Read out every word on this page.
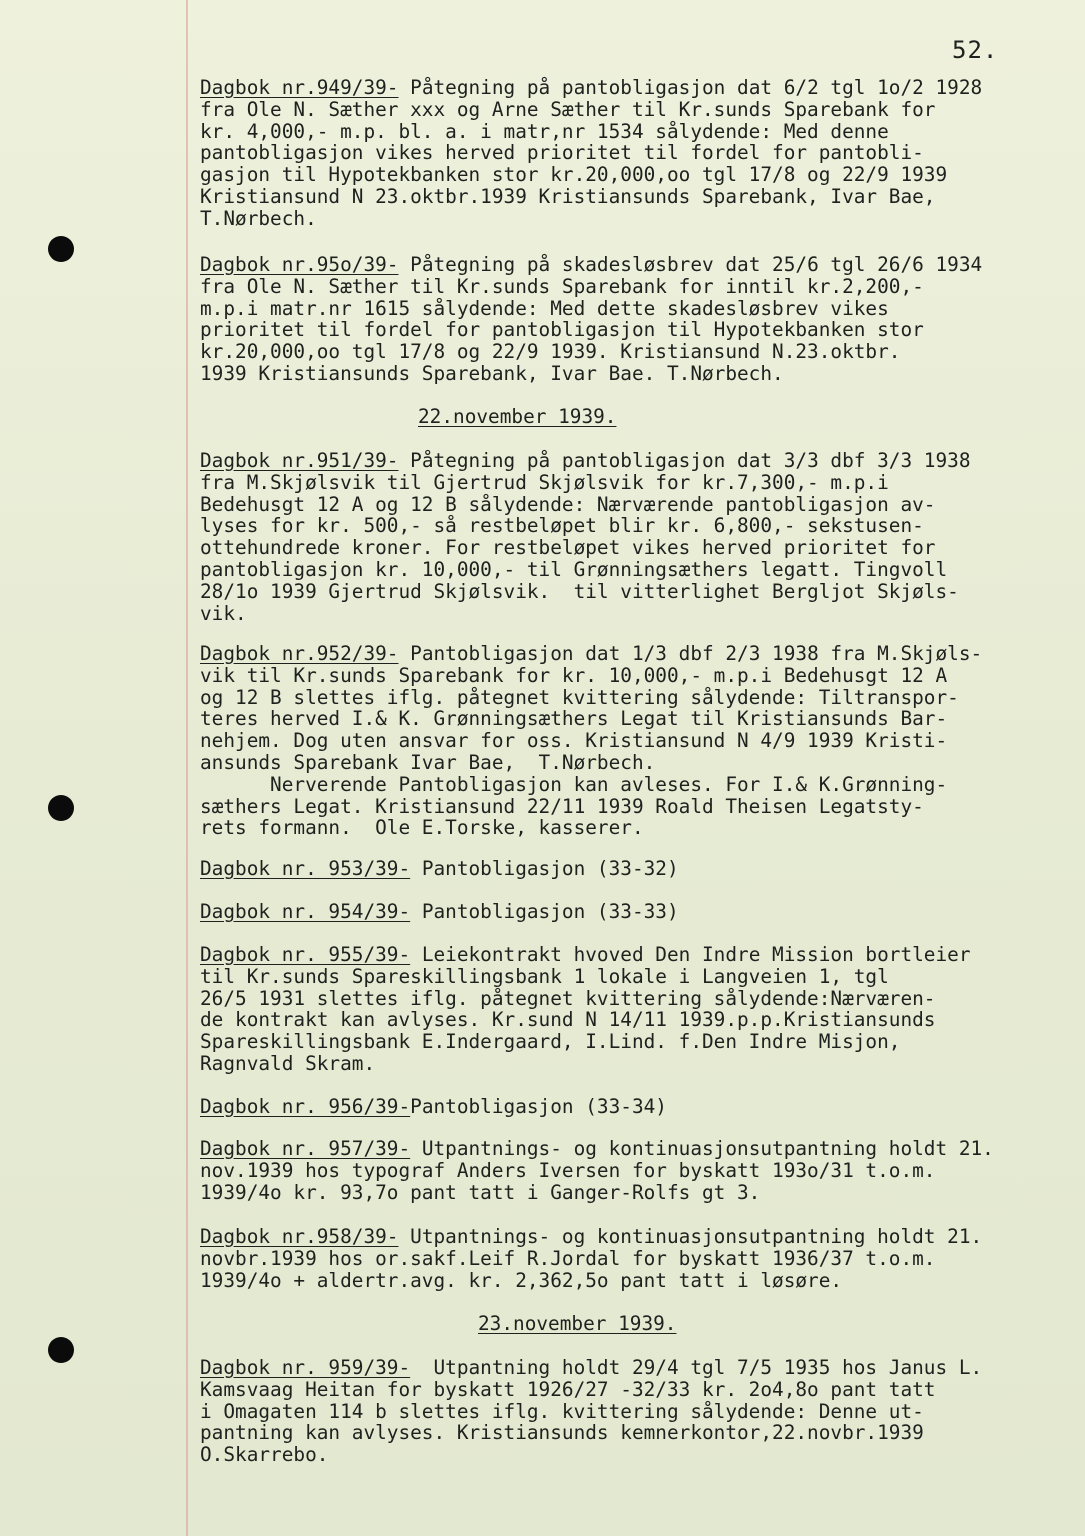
52.
Dagbok nr.949/39- Påtegning på pantobligasjon dat 6/2 tgl 1o/2 1928
fra Ole N. Sæther xxx og Arne Sæther til Kr.sunds Sparebank for
kr. 4,000,- m.p. bl. a. i matr,nr 1534 sålydende: Med denne
pantobligasjon vikes herved prioritet til fordel for pantobli-
gasjon til Hypotekbanken stor kr.20,000,oo tgl 17/8 og 22/9 1939
Kristiansund N 23.oktbr.1939 Kristiansunds Sparebank, Ivar Bae,
T.Nørbech.
Dagbok nr.95o/39- Påtegning på skadesløsbrev dat 25/6 tgl 26/6 1934
fra Ole N. Sæther til Kr.sunds Sparebank for inntil kr.2,200,-
m.p.i matr.nr 1615 sålydende: Med dette skadesløsbrev vikes
prioritet til fordel for pantobligasjon til Hypotekbanken stor
kr.20,000,oo tgl 17/8 og 22/9 1939. Kristiansund N.23.oktbr.
1939 Kristiansunds Sparebank, Ivar Bae. T.Nørbech.
22.november 1939.
Dagbok nr.951/39- Påtegning på pantobligasjon dat 3/3 dbf 3/3 1938
fra M.Skjølsvik til Gjertrud Skjølsvik for kr.7,300,- m.p.i
Bedehusgt 12 A og 12 B sålydende: Nærværende pantobligasjon av-
lyses for kr. 500,- så restbeløpet blir kr. 6,800,- sekstusen-
ottehundrede kroner. For restbeløpet vikes herved prioritet for
pantobligasjon kr. 10,000,- til Grønningsæthers legatt. Tingvoll
28/1o 1939 Gjertrud Skjølsvik.  til vitterlighet Bergljot Skjøls-
vik.
Dagbok nr.952/39- Pantobligasjon dat 1/3 dbf 2/3 1938 fra M.Skjøls-
vik til Kr.sunds Sparebank for kr. 10,000,- m.p.i Bedehusgt 12 A
og 12 B slettes iflg. påtegnet kvittering sålydende: Tiltranspor-
teres herved I.& K. Grønningsæthers Legat til Kristiansunds Bar-
nehjem. Dog uten ansvar for oss. Kristiansund N 4/9 1939 Kristi-
ansunds Sparebank Ivar Bae,  T.Nørbech.
Nerverende Pantobligasjon kan avleses. For I.& K.Grønning-
sæthers Legat. Kristiansund 22/11 1939 Roald Theisen Legatsty-
rets formann.  Ole E.Torske, kasserer.
Dagbok nr. 953/39- Pantobligasjon (33-32)
Dagbok nr. 954/39- Pantobligasjon (33-33)
Dagbok nr. 955/39- Leiekontrakt hvoved Den Indre Mission bortleier
til Kr.sunds Spareskillingsbank 1 lokale i Langveien 1, tgl
26/5 1931 slettes iflg. påtegnet kvittering sålydende:Nærværen-
de kontrakt kan avlyses. Kr.sund N 14/11 1939.p.p.Kristiansunds
Spareskillingsbank E.Indergaard, I.Lind. f.Den Indre Misjon,
Ragnvald Skram.
Dagbok nr. 956/39-Pantobligasjon (33-34)
Dagbok nr. 957/39- Utpantnings- og kontinuasjonsutpantning holdt 21.
nov.1939 hos typograf Anders Iversen for byskatt 193o/31 t.o.m.
1939/4o kr. 93,7o pant tatt i Ganger-Rolfs gt 3.
Dagbok nr.958/39- Utpantnings- og kontinuasjonsutpantning holdt 21.
novbr.1939 hos or.sakf.Leif R.Jordal for byskatt 1936/37 t.o.m.
1939/4o + aldertr.avg. kr. 2,362,5o pant tatt i løsøre.
23.november 1939.
Dagbok nr. 959/39-  Utpantning holdt 29/4 tgl 7/5 1935 hos Janus L.
Kamsvaag Heitan for byskatt 1926/27 -32/33 kr. 2o4,8o pant tatt
i Omagaten 114 b slettes iflg. kvittering sålydende: Denne ut-
pantning kan avlyses. Kristiansunds kemnerkontor,22.novbr.1939
O.Skarrebo.
